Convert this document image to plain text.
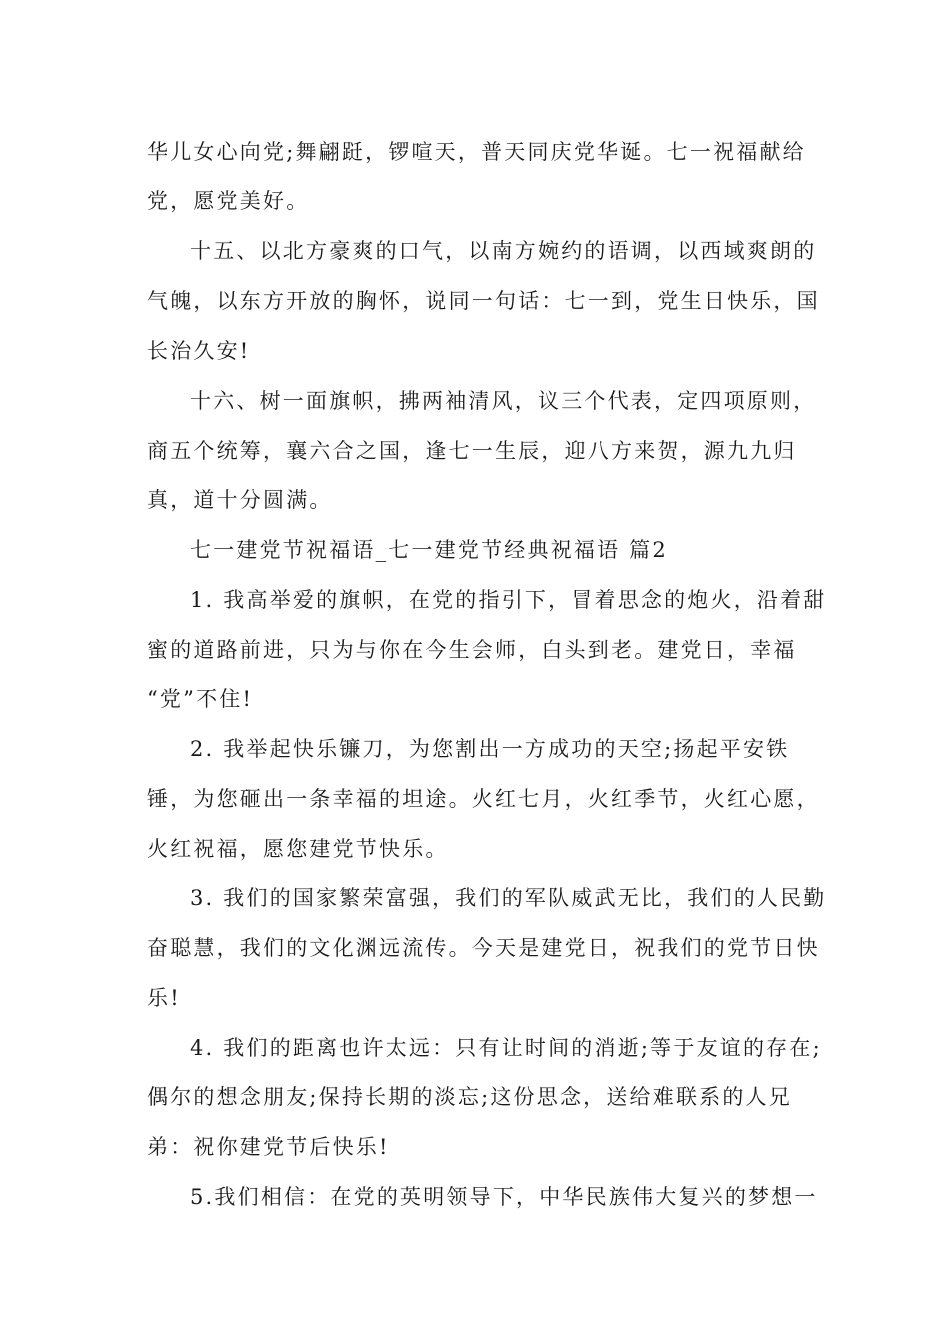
华儿女心向党;舞翩跹，锣喧天，普天同庆党华诞。七一祝福献给
党，愿党美好。
十五、以北方豪爽的口气，以南方婉约的语调，以西域爽朗的
气魄，以东方开放的胸怀，说同一句话：七一到，党生日快乐，国
长治久安!
十六、树一面旗帜，拂两袖清风，议三个代表，定四项原则，
商五个统筹，襄六合之国，逢七一生辰，迎八方来贺，源九九归
真，道十分圆满。
七一建党节祝福语_七一建党节经典祝福语 篇2
1. 我高举爱的旗帜，在党的指引下，冒着思念的炮火，沿着甜
蜜的道路前进，只为与你在今生会师，白头到老。建党日，幸福
“党”不住!
2. 我举起快乐镰刀，为您割出一方成功的天空;扬起平安铁
锤，为您砸出一条幸福的坦途。火红七月，火红季节，火红心愿，
火红祝福，愿您建党节快乐。
3. 我们的国家繁荣富强，我们的军队威武无比，我们的人民勤
奋聪慧，我们的文化渊远流传。今天是建党日，祝我们的党节日快
乐!
4. 我们的距离也许太远：只有让时间的消逝;等于友谊的存在;
偶尔的想念朋友;保持长期的淡忘;这份思念，送给难联系的人兄
弟：祝你建党节后快乐!
5.我们相信：在党的英明领导下，中华民族伟大复兴的梦想一
